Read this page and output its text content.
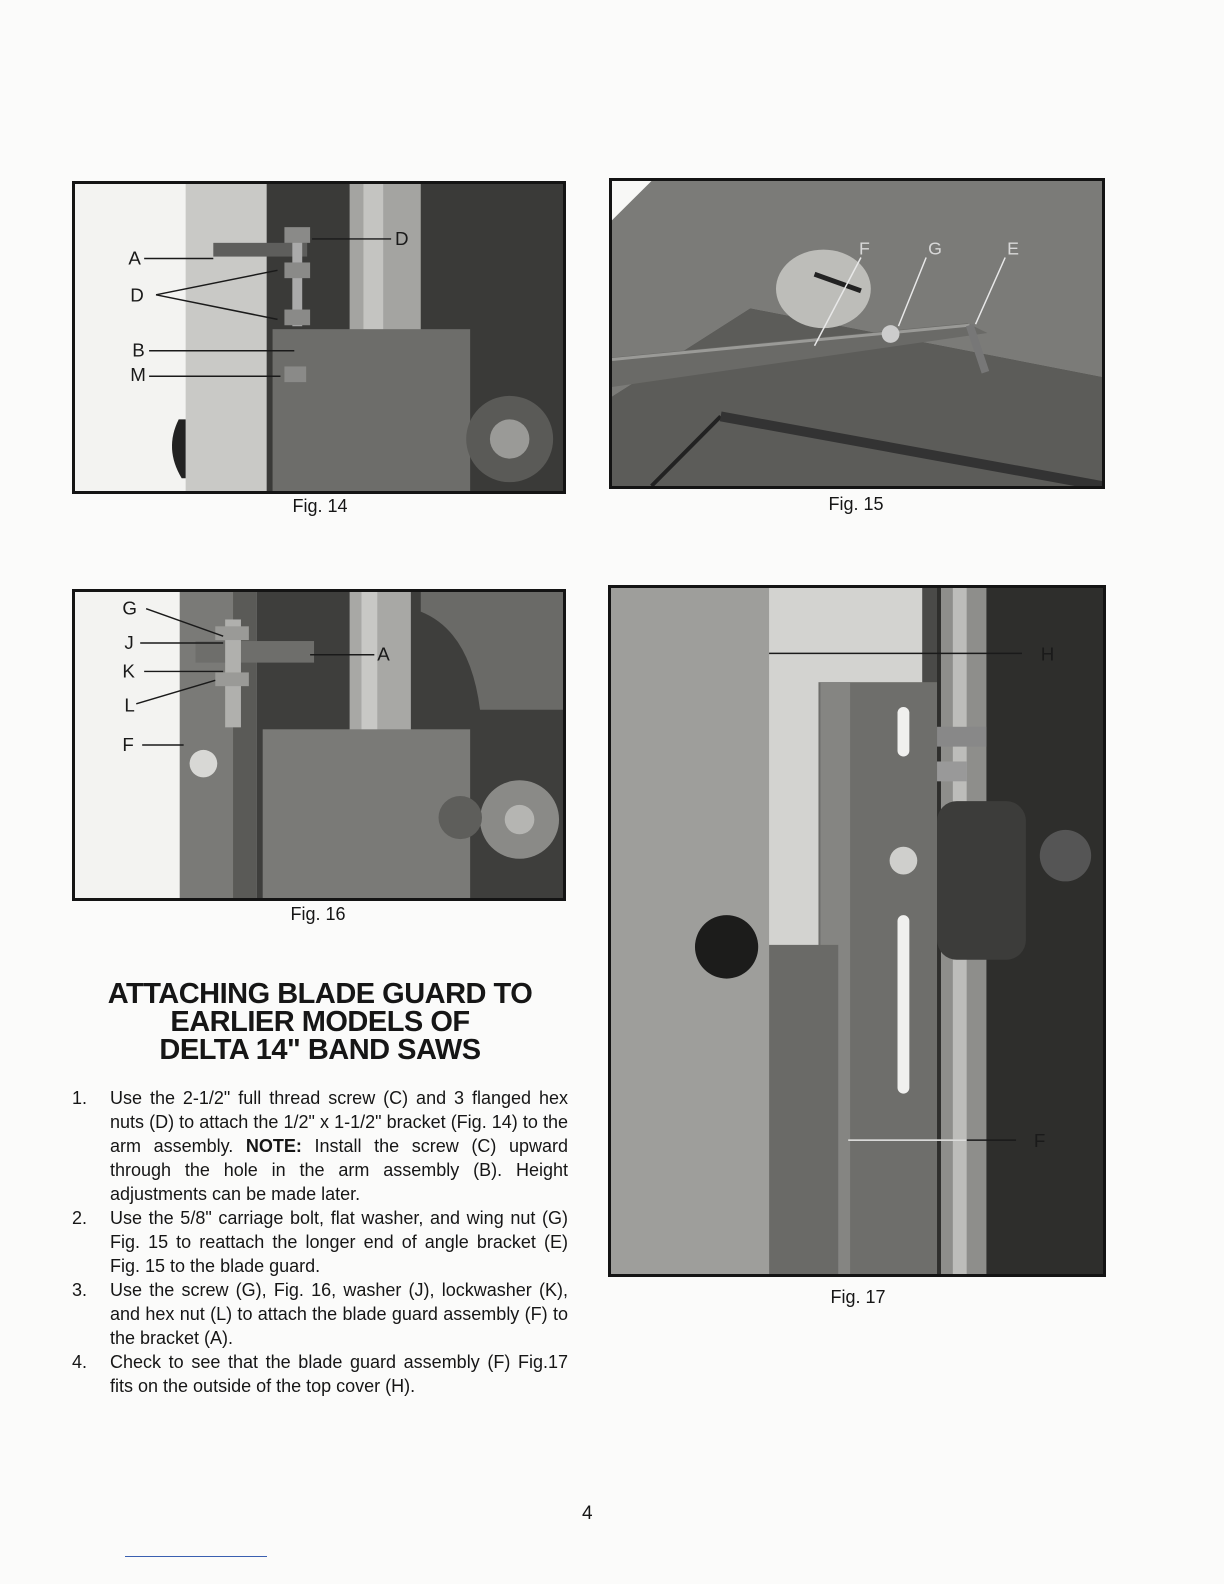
A
D
D
B
M
Fig. 14
F	G	E
Fig. 15
G
J
K
L
F
A
Fig. 16
H
F
Fig. 17
ATTACHING BLADE GUARD TO
EARLIER MODELS OF
DELTA 14" BAND SAWS
1. Use the 2-1/2" full thread screw (C) and 3 flanged hex nuts (D) to attach the 1/2" x 1-1/2" bracket (Fig. 14) to the arm assembly. NOTE: Install the screw (C) upward through the hole in the arm assembly (B). Height adjustments can be made later.
2. Use the 5/8" carriage bolt, flat washer, and wing nut (G) Fig. 15 to reattach the longer end of angle bracket (E) Fig. 15 to the blade guard.
3. Use the screw (G), Fig. 16, washer (J), lockwasher (K), and hex nut (L) to attach the blade guard assembly (F) to the bracket (A).
4. Check to see that the blade guard assembly (F) Fig.17 fits on the outside of the top cover (H).
4
